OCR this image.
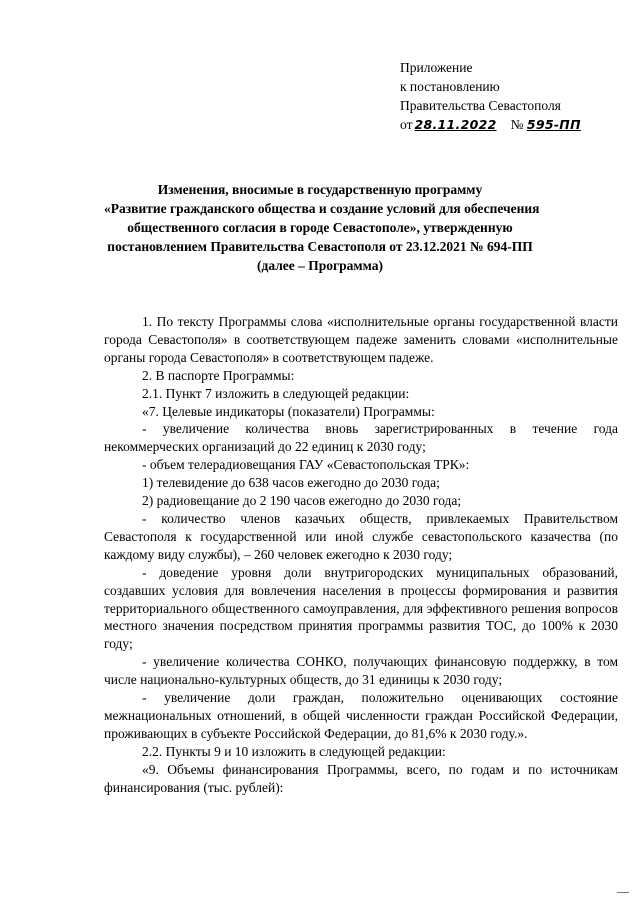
Приложение
к постановлению
Правительства Севастополя
от 28.11.2022 № 595-ПП
Изменения, вносимые в государственную программу
«Развитие гражданского общества и создание условий для обеспечения
общественного согласия в городе Севастополе», утвержденную
постановлением Правительства Севастополя от 23.12.2021 № 694-ПП
(далее – Программа)

1. По тексту Программы слова «исполнительные органы государственной власти города Севастополя» в соответствующем падеже заменить словами «исполнительные органы города Севастополя» в соответствующем падеже.

2. В паспорте Программы:

2.1. Пункт 7 изложить в следующей редакции:

«7. Целевые индикаторы (показатели) Программы:

- увеличение количества вновь зарегистрированных в течение года некоммерческих организаций до 22 единиц к 2030 году;

- объем телерадиовещания ГАУ «Севастопольская ТРК»:

1) телевидение до 638 часов ежегодно до 2030 года;

2) радиовещание до 2 190 часов ежегодно до 2030 года;

- количество членов казачьих обществ, привлекаемых Правительством Севастополя к государственной или иной службе севастопольского казачества (по каждому виду службы), – 260 человек ежегодно к 2030 году;

- доведение уровня доли внутригородских муниципальных образований, создавших условия для вовлечения населения в процессы формирования и развития территориального общественного самоуправления, для эффективного решения вопросов местного значения посредством принятия программы развития ТОС, до 100% к 2030 году;

- увеличение количества СОНКО, получающих финансовую поддержку, в том числе национально-культурных обществ, до 31 единицы к 2030 году;

- увеличение доли граждан, положительно оценивающих состояние межнациональных отношений, в общей численности граждан Российской Федерации, проживающих в субъекте Российской Федерации, до 81,6% к 2030 году.».

2.2. Пункты 9 и 10 изложить в следующей редакции:

«9. Объемы финансирования Программы, всего, по годам и по источникам финансирования (тыс. рублей):
